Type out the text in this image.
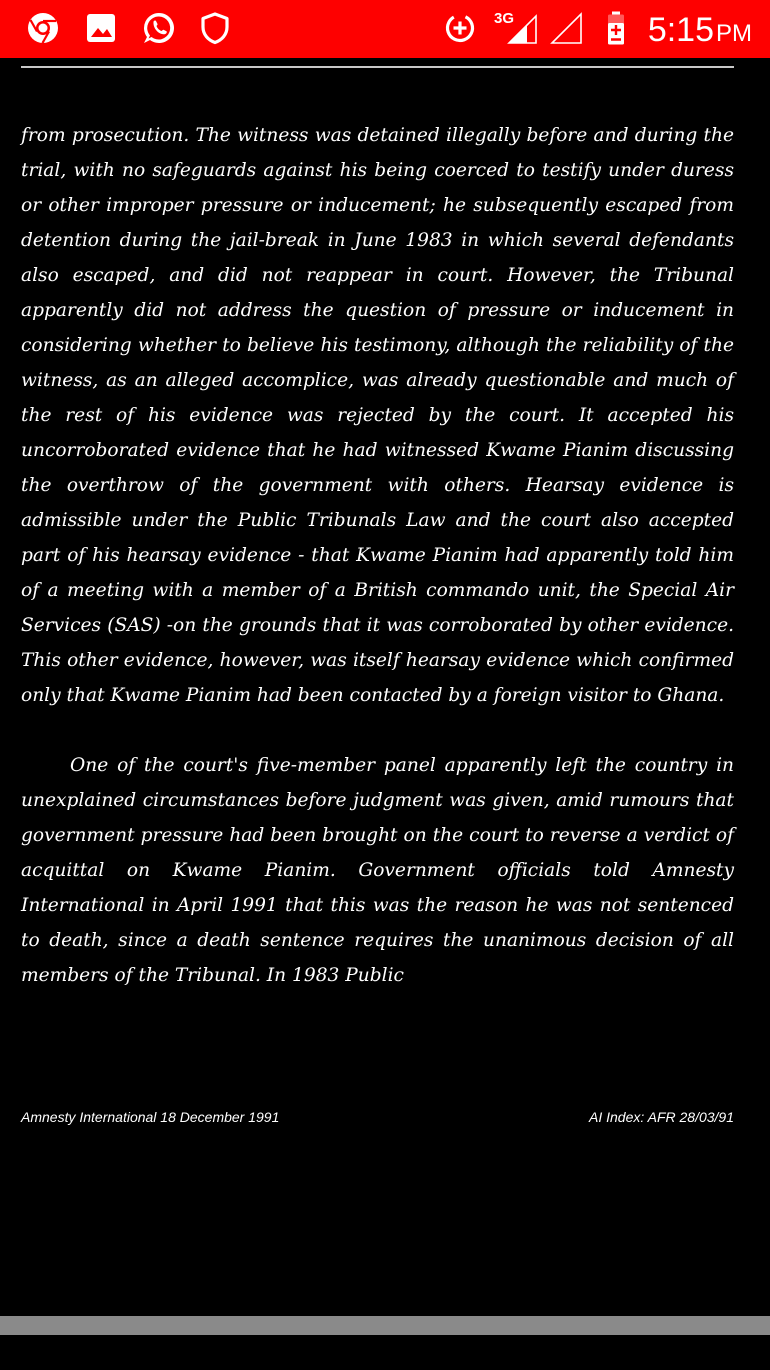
3G	5:15PM

from prosecution. The witness was detained illegally before and during the trial, with no safeguards against his being coerced to testify under duress or other improper pressure or inducement; he subsequently escaped from detention during the jail-break in June 1983 in which several defendants also escaped, and did not reappear in court. However, the Tribunal apparently did not address the question of pressure or inducement in considering whether to believe his testimony, although the reliability of the witness, as an alleged accomplice, was already questionable and much of the rest of his evidence was rejected by the court. It accepted his uncorroborated evidence that he had witnessed Kwame Pianim discussing the overthrow of the government with others. Hearsay evidence is admissible under the Public Tribunals Law and the court also accepted part of his hearsay evidence - that Kwame Pianim had apparently told him of a meeting with a member of a British commando unit, the Special Air Services (SAS) -on the grounds that it was corroborated by other evidence. This other evidence, however, was itself hearsay evidence which confirmed only that Kwame Pianim had been contacted by a foreign visitor to Ghana.

One of the court's five-member panel apparently left the country in unexplained circumstances before judgment was given, amid rumours that government pressure had been brought on the court to reverse a verdict of acquittal on Kwame Pianim. Government officials told Amnesty International in April 1991 that this was the reason he was not sentenced to death, since a death sentence requires the unanimous decision of all members of the Tribunal. In 1983 Public

Amnesty International 18 December 1991	AI Index: AFR 28/03/91
